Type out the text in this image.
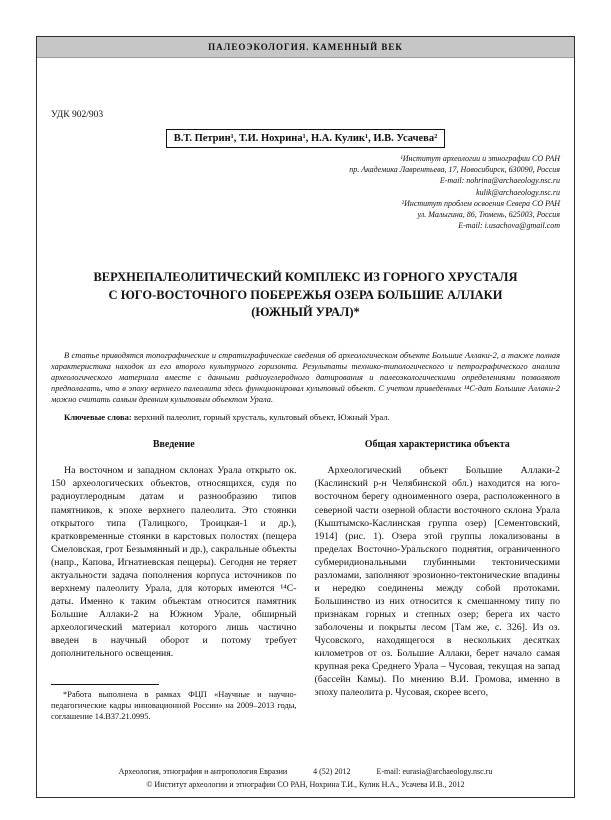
ПАЛЕОЭКОЛОГИЯ. КАМЕННЫЙ ВЕК
УДК 902/903
В.Т. Петрин¹, Т.И. Нохрина¹, Н.А. Кулик¹, И.В. Усачева²
¹Институт археологии и этнографии СО РАН
пр. Академика Лаврентьева, 17, Новосибирск, 630090, Россия
E-mail: nohrina@archaeology.nsc.ru
kulik@archaeology.nsc.ru
²Институт проблем освоения Севера СО РАН
ул. Малыгина, 86, Тюмень, 625003, Россия
E-mail: i.usachova@gmail.com
ВЕРХНЕПАЛЕОЛИТИЧЕСКИЙ КОМПЛЕКС ИЗ ГОРНОГО ХРУСТАЛЯ
С ЮГО-ВОСТОЧНОГО ПОБЕРЕЖЬЯ ОЗЕРА БОЛЬШИЕ АЛЛАКИ
(ЮЖНЫЙ УРАЛ)*
В статье приводятся топографические и стратиграфические сведения об археологическом объекте Большие Аллаки-2, а также полная характеристика находок из его второго культурного горизонта. Результаты технико-типологического и петрографического анализа археологического материала вместе с данными радиоуглеродного датирования и палеоэкологическими определениями позволяют предполагать, что в эпоху верхнего палеолита здесь функционировал культовый объект. С учетом приведенных ¹⁴С-дат Большие Аллаки-2 можно считать самым древним культовым объектом Урала.
Ключевые слова: верхний палеолит, горный хрусталь, культовый объект, Южный Урал.
Введение

На восточном и западном склонах Урала открыто ок. 150 археологических объектов, относящихся, судя по радиоуглеродным датам и разнообразию типов памятников, к эпохе верхнего палеолита. Это стоянки открытого типа (Талицкого, Троицкая-1 и др.), кратковременные стоянки в карстовых полостях (пещера Смеловская, грот Безымянный и др.), сакральные объекты (напр., Капова, Игнатиевская пещеры). Сегодня не теряет актуальности задача пополнения корпуса источников по верхнему палеолиту Урала, для которых имеются ¹⁴С-даты. Именно к таким объектам относится памятник Большие Аллаки-2 на Южном Урале, обширный археологический материал которого лишь частично введен в научный оборот и потому требует дополнительного освещения.

*Работа выполнена в рамках ФЦП «Научные и научно-педагогические кадры инновационной России» на 2009–2013 годы, соглашение 14.B37.21.0995.

Общая характеристика объекта

Археологический объект Большие Аллаки-2 (Каслинский р-н Челябинской обл.) находится на юго-восточном берегу одноименного озера, расположенного в северной части озерной области восточного склона Урала (Кыштымско-Каслинская группа озер) [Сементовский, 1914] (рис. 1). Озера этой группы локализованы в пределах Восточно-Уральского поднятия, ограниченного субмеридиональными глубинными тектоническими разломами, заполняют эрозионно-тектонические впадины и нередко соединены между собой протоками. Большинство из них относится к смешанному типу по признакам горных и степных озер; берега их часто заболочены и покрыты лесом [Там же, с. 326]. Из оз. Чусовского, находящегося в нескольких десятках километров от оз. Большие Аллаки, берет начало самая крупная река Среднего Урала – Чусовая, текущая на запад (бассейн Камы). По мнению В.И. Громова, именно в эпоху палеолита р. Чусовая, скорее всего,

Археология, этнография и антропология Евразии	4 (52) 2012	E-mail: eurasia@archaeology.nsc.ru
© Институт археологии и этнографии СО РАН, Нохрина Т.И., Кулик Н.А., Усачева И.В., 2012
